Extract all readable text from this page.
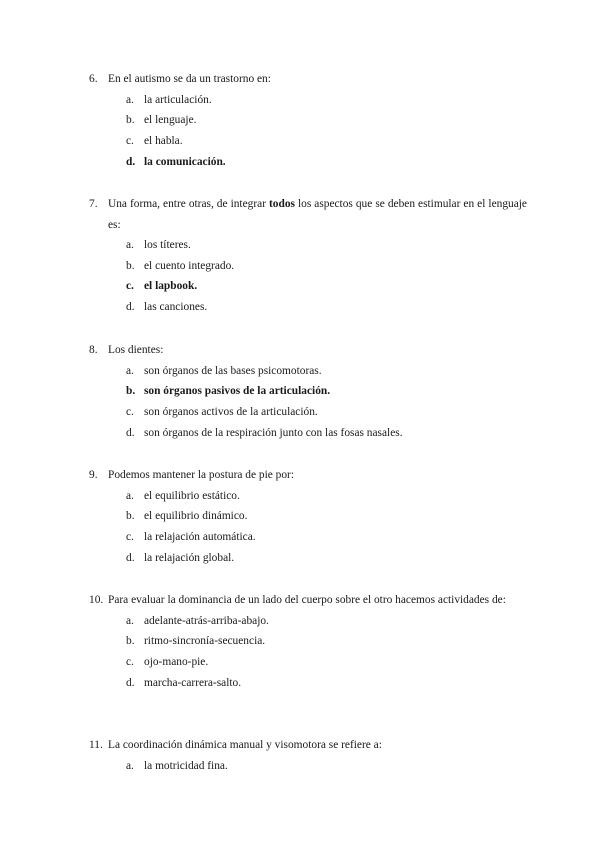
6. En el autismo se da un trastorno en:
a. la articulación.
b. el lenguaje.
c. el habla.
d. la comunicación.
7. Una forma, entre otras, de integrar todos los aspectos que se deben estimular en el lenguaje es:
a. los títeres.
b. el cuento integrado.
c. el lapbook.
d. las canciones.
8. Los dientes:
a. son órganos de las bases psicomotoras.
b. son órganos pasivos de la articulación.
c. son órganos activos de la articulación.
d. son órganos de la respiración junto con las fosas nasales.
9. Podemos mantener la postura de pie por:
a. el equilibrio estático.
b. el equilibrio dinámico.
c. la relajación automática.
d. la relajación global.
10. Para evaluar la dominancia de un lado del cuerpo sobre el otro hacemos actividades de:
a. adelante-atrás-arriba-abajo.
b. ritmo-sincronía-secuencia.
c. ojo-mano-pie.
d. marcha-carrera-salto.
11. La coordinación dinámica manual y visomotora se refiere a:
a. la motricidad fina.
